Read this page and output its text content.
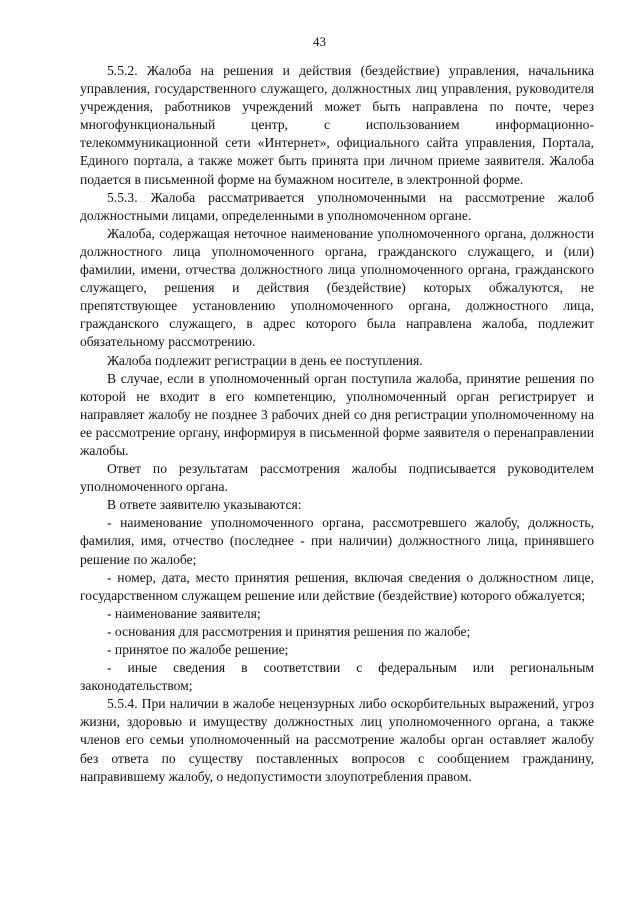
43

5.5.2. Жалоба на решения и действия (бездействие) управления, начальника управления, государственного служащего, должностных лиц управления, руководителя учреждения, работников учреждений может быть направлена по почте, через многофункциональный центр, с использованием информационно-телекоммуникационной сети «Интернет», официального сайта управления, Портала, Единого портала, а также может быть принята при личном приеме заявителя. Жалоба подается в письменной форме на бумажном носителе, в электронной форме.

5.5.3. Жалоба рассматривается уполномоченными на рассмотрение жалоб должностными лицами, определенными в уполномоченном органе.

Жалоба, содержащая неточное наименование уполномоченного органа, должности должностного лица уполномоченного органа, гражданского служащего, и (или) фамилии, имени, отчества должностного лица уполномоченного органа, гражданского служащего, решения и действия (бездействие) которых обжалуются, не препятствующее установлению уполномоченного органа, должностного лица, гражданского служащего, в адрес которого была направлена жалоба, подлежит обязательному рассмотрению.

Жалоба подлежит регистрации в день ее поступления.

В случае, если в уполномоченный орган поступила жалоба, принятие решения по которой не входит в его компетенцию, уполномоченный орган регистрирует и направляет жалобу не позднее 3 рабочих дней со дня регистрации уполномоченному на ее рассмотрение органу, информируя в письменной форме заявителя о перенаправлении жалобы.

Ответ по результатам рассмотрения жалобы подписывается руководителем уполномоченного органа.

В ответе заявителю указываются:

- наименование уполномоченного органа, рассмотревшего жалобу, должность, фамилия, имя, отчество (последнее - при наличии) должностного лица, принявшего решение по жалобе;

- номер, дата, место принятия решения, включая сведения о должностном лице, государственном служащем решение или действие (бездействие) которого обжалуется;

- наименование заявителя;

- основания для рассмотрения и принятия решения по жалобе;

- принятое по жалобе решение;

- иные сведения в соответствии с федеральным или региональным законодательством;

5.5.4. При наличии в жалобе нецензурных либо оскорбительных выражений, угроз жизни, здоровью и имуществу должностных лиц уполномоченного органа, а также членов его семьи уполномоченный на рассмотрение жалобы орган оставляет жалобу без ответа по существу поставленных вопросов с сообщением гражданину, направившему жалобу, о недопустимости злоупотребления правом.
